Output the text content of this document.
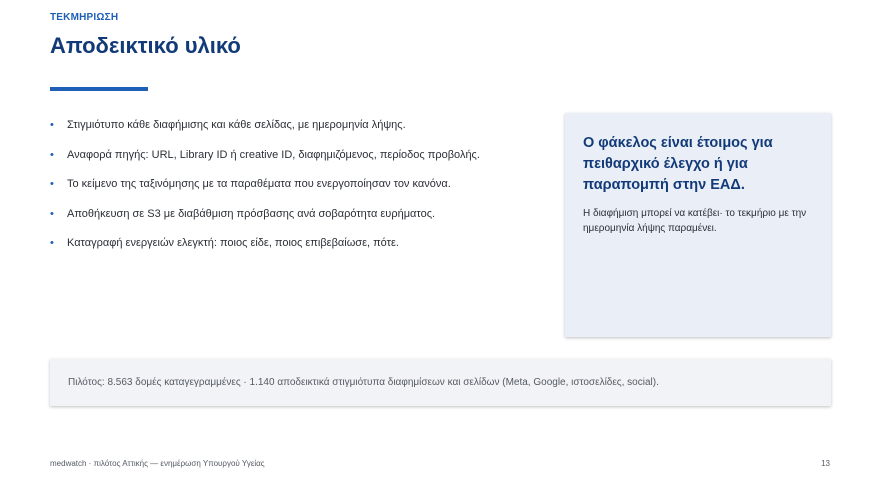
ΤΕΚΜΗΡΙΩΣΗ
Αποδεικτικό υλικό
• Στιγμιότυπο κάθε διαφήμισης και κάθε σελίδας, με ημερομηνία λήψης.
• Αναφορά πηγής: URL, Library ID ή creative ID, διαφημιζόμενος, περίοδος προβολής.
• Το κείμενο της ταξινόμησης με τα παραθέματα που ενεργοποίησαν τον κανόνα.
• Αποθήκευση σε S3 με διαβάθμιση πρόσβασης ανά σοβαρότητα ευρήματος.
• Καταγραφή ενεργειών ελεγκτή: ποιος είδε, ποιος επιβεβαίωσε, πότε.

Ο φάκελος είναι έτοιμος για πειθαρχικό έλεγχο ή για παραπομπή στην ΕΑΔ.

Η διαφήμιση μπορεί να κατέβει· το τεκμήριο με την ημερομηνία λήψης παραμένει.

Πιλότος: 8.563 δομές καταγεγραμμένες · 1.140 αποδεικτικά στιγμιότυπα διαφημίσεων και σελίδων (Meta, Google, ιστοσελίδες, social).
medwatch · πιλότος Αττικής — ενημέρωση Υπουργού Υγείας	13
